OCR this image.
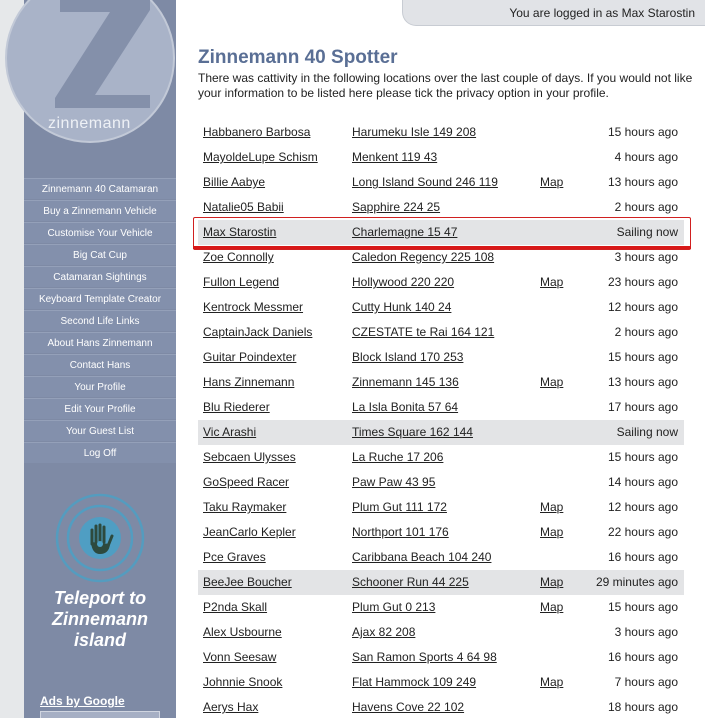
zinnemann
You are logged in as Max Starostin
Zinnemann 40 Catamaran
Buy a Zinnemann Vehicle
Customise Your Vehicle
Big Cat Cup
Catamaran Sightings
Keyboard Template Creator
Second Life Links
About Hans Zinnemann
Contact Hans
Your Profile
Edit Your Profile
Your Guest List
Log Off
Teleport to
Zinnemann
island
Ads by Google
Zinnemann 40 Spotter
There was cattivity in the following locations over the last couple of days. If you would not like your information to be listed here please tick the privacy option in your profile.
Habbanero Barbosa	Harumeku Isle 149 208	15 hours ago
MayoldeLupe Schism	Menkent 119 43	4 hours ago
Billie Aabye	Long Island Sound 246 119	Map	13 hours ago
Natalie05 Babii	Sapphire 224 25	2 hours ago
Max Starostin	Charlemagne 15 47	Sailing now
Zoe Connolly	Caledon Regency 225 108	3 hours ago
Fullon Legend	Hollywood 220 220	Map	23 hours ago
Kentrock Messmer	Cutty Hunk 140 24	12 hours ago
CaptainJack Daniels	CZESTATE te Rai 164 121	2 hours ago
Guitar Poindexter	Block Island 170 253	15 hours ago
Hans Zinnemann	Zinnemann 145 136	Map	13 hours ago
Blu Riederer	La Isla Bonita 57 64	17 hours ago
Vic Arashi	Times Square 162 144	Sailing now
Sebcaen Ulysses	La Ruche 17 206	15 hours ago
GoSpeed Racer	Paw Paw 43 95	14 hours ago
Taku Raymaker	Plum Gut 111 172	Map	12 hours ago
JeanCarlo Kepler	Northport 101 176	Map	22 hours ago
Pce Graves	Caribbana Beach 104 240	16 hours ago
BeeJee Boucher	Schooner Run 44 225	Map	29 minutes ago
P2nda Skall	Plum Gut 0 213	Map	15 hours ago
Alex Usbourne	Ajax 82 208	3 hours ago
Vonn Seesaw	San Ramon Sports 4 64 98	16 hours ago
Johnnie Snook	Flat Hammock 109 249	Map	7 hours ago
Aerys Hax	Havens Cove 22 102	18 hours ago
